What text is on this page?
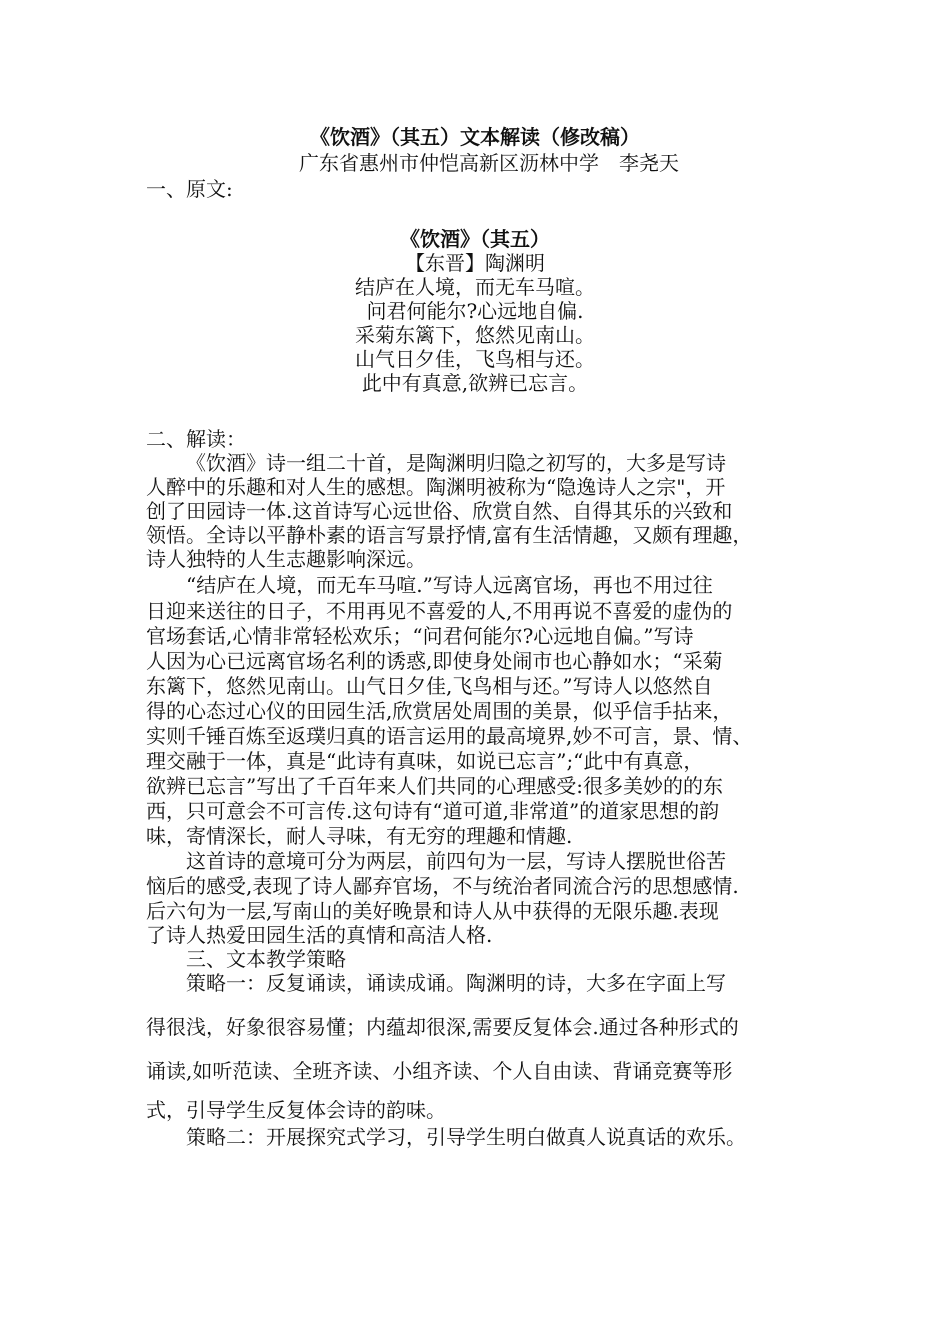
《饮酒》（其五）文本解读（修改稿）
广东省惠州市仲恺高新区沥林中学　李尧天
一、原文:
《饮酒》（其五）
【东晋】陶渊明
结庐在人境，而无车马喧。
问君何能尔?心远地自偏.
采菊东篱下，悠然见南山。
山气日夕佳，飞鸟相与还。
此中有真意,欲辨已忘言。
二、解读：
《饮酒》诗一组二十首，是陶渊明归隐之初写的，大多是写诗
人醉中的乐趣和对人生的感想。陶渊明被称为“隐逸诗人之宗"，开
创了田园诗一体.这首诗写心远世俗、欣赏自然、自得其乐的兴致和
领悟。全诗以平静朴素的语言写景抒情,富有生活情趣，又颇有理趣，
诗人独特的人生志趣影响深远。
“结庐在人境，而无车马喧.”写诗人远离官场，再也不用过往
日迎来送往的日子，不用再见不喜爱的人,不用再说不喜爱的虚伪的
官场套话,心情非常轻松欢乐；“问君何能尔?心远地自偏。”写诗
人因为心已远离官场名利的诱惑,即使身处闹市也心静如水；“采菊
东篱下，悠然见南山。山气日夕佳,飞鸟相与还。”写诗人以悠然自
得的心态过心仪的田园生活,欣赏居处周围的美景，似乎信手拈来，
实则千锤百炼至返璞归真的语言运用的最高境界,妙不可言，景、情、
理交融于一体，真是“此诗有真味，如说已忘言”;“此中有真意，
欲辨已忘言”写出了千百年来人们共同的心理感受:很多美妙的的东
西，只可意会不可言传.这句诗有“道可道,非常道”的道家思想的韵
味，寄情深长，耐人寻味，有无穷的理趣和情趣.
这首诗的意境可分为两层，前四句为一层，写诗人摆脱世俗苦
恼后的感受,表现了诗人鄙弃官场，不与统治者同流合污的思想感情.
后六句为一层,写南山的美好晚景和诗人从中获得的无限乐趣.表现
了诗人热爱田园生活的真情和高洁人格.
三、文本教学策略
策略一：反复诵读，诵读成诵。陶渊明的诗，大多在字面上写
得很浅，好象很容易懂；内蕴却很深,需要反复体会.通过各种形式的
诵读,如听范读、全班齐读、小组齐读、个人自由读、背诵竞赛等形
式，引导学生反复体会诗的韵味。
策略二：开展探究式学习，引导学生明白做真人说真话的欢乐。
